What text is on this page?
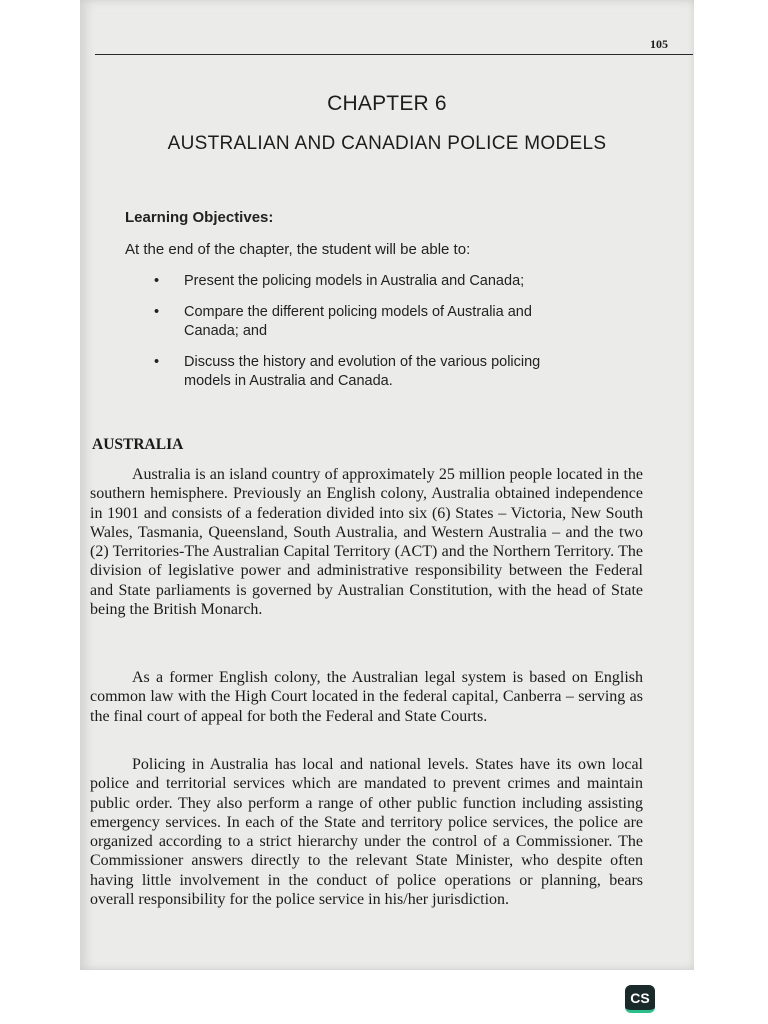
105
CHAPTER 6
AUSTRALIAN AND CANADIAN POLICE MODELS
Learning Objectives:
At the end of the chapter, the student will be able to:
• Present the policing models in Australia and Canada;
• Compare the different policing models of Australia and Canada; and
• Discuss the history and evolution of the various policing models in Australia and Canada.
AUSTRALIA

Australia is an island country of approximately 25 million people located in the southern hemisphere. Previously an English colony, Australia obtained independence in 1901 and consists of a federation divided into six (6) States – Victoria, New South Wales, Tasmania, Queensland, South Australia, and Western Australia – and the two (2) Territories-The Australian Capital Territory (ACT) and the Northern Territory. The division of legislative power and administrative responsibility between the Federal and State parliaments is governed by Australian Constitution, with the head of State being the British Monarch.

As a former English colony, the Australian legal system is based on English common law with the High Court located in the federal capital, Canberra – serving as the final court of appeal for both the Federal and State Courts.

Policing in Australia has local and national levels. States have its own local police and territorial services which are mandated to prevent crimes and maintain public order. They also perform a range of other public function including assisting emergency services. In each of the State and territory police services, the police are organized according to a strict hierarchy under the control of a Commissioner. The Commissioner answers directly to the relevant State Minister, who despite often having little involvement in the conduct of police operations or planning, bears overall responsibility for the police service in his/her jurisdiction.

CS
